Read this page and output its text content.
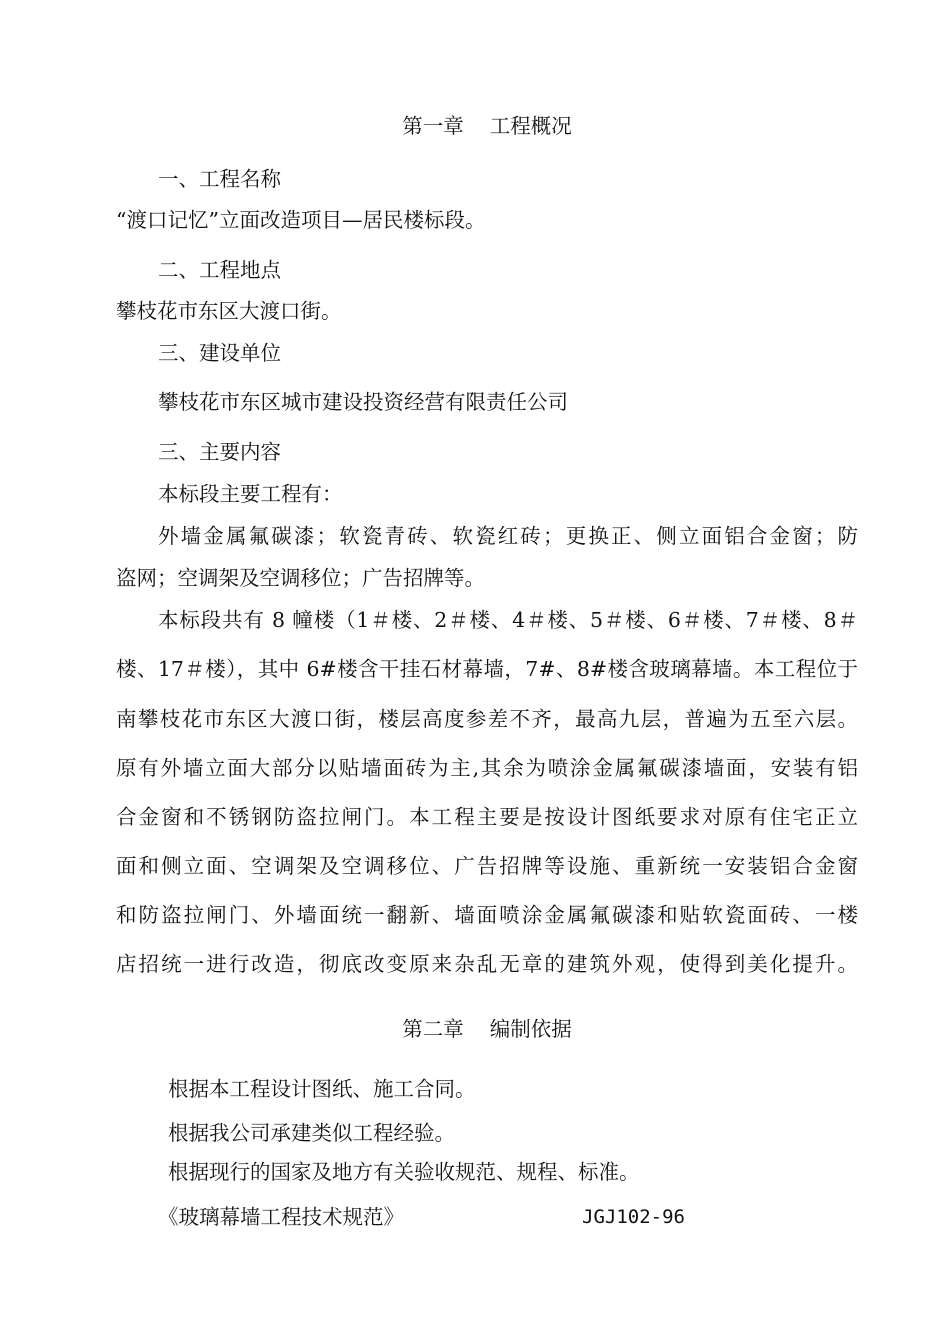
第一章    工程概况
一、工程名称
“渡口记忆”立面改造项目—居民楼标段。
二、工程地点
攀枝花市东区大渡口街。
三、建设单位
攀枝花市东区城市建设投资经营有限责任公司
三、主要内容
本标段主要工程有：
外墙金属氟碳漆；软瓷青砖、软瓷红砖；更换正、侧立面铝合金窗；防
盗网；空调架及空调移位；广告招牌等。
本标段共有 8 幢楼（1＃楼、2＃楼、4＃楼、5＃楼、6＃楼、7＃楼、8＃
楼、17＃楼），其中 6#楼含干挂石材幕墙，7#、8#楼含玻璃幕墙。本工程位于
南攀枝花市东区大渡口街，楼层高度参差不齐，最高九层，普遍为五至六层。
原有外墙立面大部分以贴墙面砖为主,其余为喷涂金属氟碳漆墙面，安装有铝
合金窗和不锈钢防盗拉闸门。本工程主要是按设计图纸要求对原有住宅正立
面和侧立面、空调架及空调移位、广告招牌等设施、重新统一安装铝合金窗
和防盗拉闸门、外墙面统一翻新、墙面喷涂金属氟碳漆和贴软瓷面砖、一楼
店招统一进行改造，彻底改变原来杂乱无章的建筑外观，使得到美化提升。
第二章    编制依据
根据本工程设计图纸、施工合同。
根据我公司承建类似工程经验。
根据现行的国家及地方有关验收规范、规程、标准。
《玻璃幕墙工程技术规范》	JGJ102-96
